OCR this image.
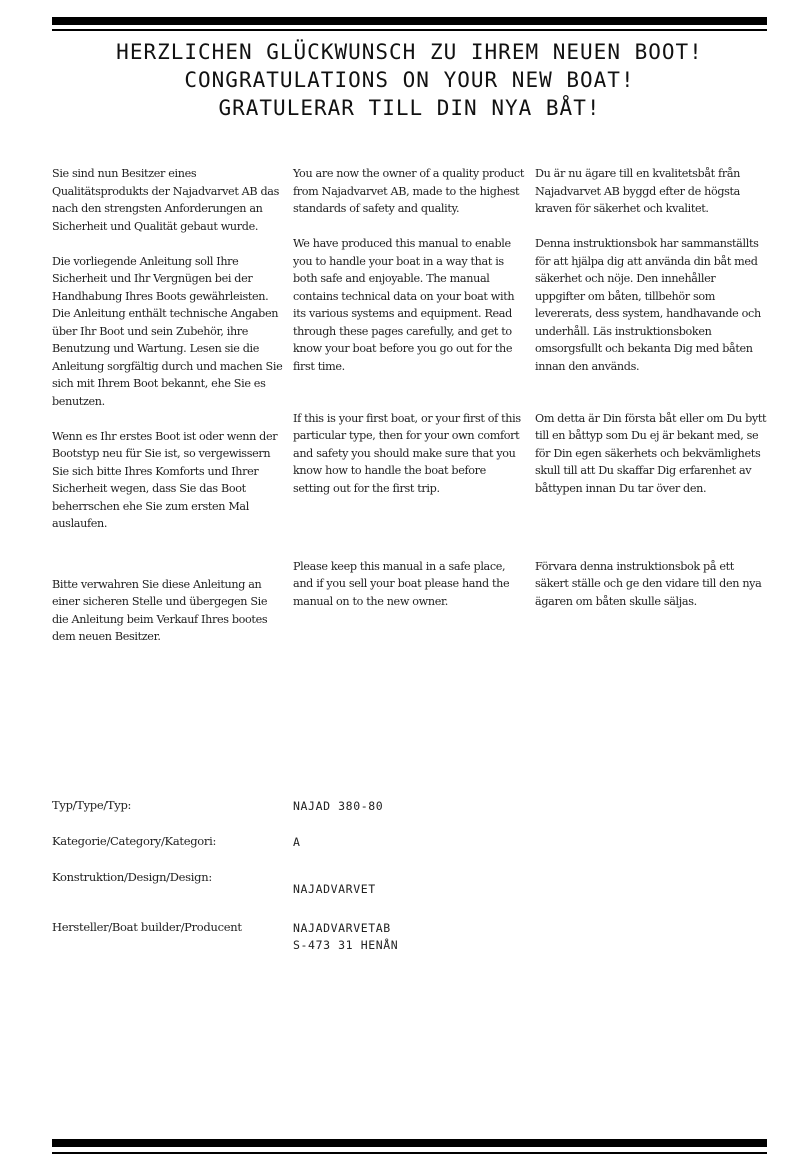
HERZLICHEN GLÜCKWUNSCH ZU IHREM NEUEN BOOT!
CONGRATULATIONS ON YOUR NEW BOAT!
GRATULERAR TILL DIN NYA BÅT!

Sie sind nun Besitzer eines Qualitätsprodukts der Najadvarvet AB das nach den strengsten Anforderungen an Sicherheit und Qualität gebaut wurde.

Die vorliegende Anleitung soll Ihre Sicherheit und Ihr Vergnügen bei der Handhabung Ihres Boots gewährleisten. Die Anleitung enthält technische Angaben über Ihr Boot und sein Zubehör, ihre Benutzung und Wartung. Lesen sie die Anleitung sorgfältig durch und machen Sie sich mit Ihrem Boot bekannt, ehe Sie es benutzen.

Wenn es Ihr erstes Boot ist oder wenn der Bootstyp neu für Sie ist, so vergewissern Sie sich bitte Ihres Komforts und Ihrer Sicherheit wegen, dass Sie das Boot beherrschen ehe Sie zum ersten Mal auslaufen.

Bitte verwahren Sie diese Anleitung an einer sicheren Stelle und übergegen Sie die Anleitung beim Verkauf Ihres bootes dem neuen Besitzer.

You are now the owner of a quality product from Najadvarvet AB, made to the highest standards of safety and quality.

We have produced this manual to enable you to handle your boat in a way that is both safe and enjoyable. The manual contains technical data on your boat with its various systems and equipment. Read through these pages carefully, and get to know your boat before you go out for the first time.

If this is your first boat, or your first of this particular type, then for your own comfort and safety you should make sure that you know how to handle the boat before setting out for the first trip.

Please keep this manual in a safe place, and if you sell your boat please hand the manual on to the new owner.

Du är nu ägare till en kvalitetsbåt från Najadvarvet AB byggd efter de högsta kraven för säkerhet och kvalitet.

Denna instruktionsbok har sammanställts för att hjälpa dig att använda din båt med säkerhet och nöje. Den innehåller uppgifter om båten, tillbehör som levererats, dess system, handhavande och underhåll. Läs instruktionsboken omsorgsfullt och bekanta Dig med båten innan den används.

Om detta är Din första båt eller om Du bytt till en båttyp som Du ej är bekant med, se för Din egen säkerhets och bekvämlighets skull till att Du skaffar Dig erfarenhet av båttypen innan Du tar över den.

Förvara denna instruktionsbok på ett säkert ställe och ge den vidare till den nya ägaren om båten skulle säljas.

Typ/Type/Typ:	NAJAD 380-80
Kategorie/Category/Kategori:	A
Konstruktion/Design/Design:
NAJADVARVET
Hersteller/Boat builder/Producent	NAJADVARVETAB
S-473 31 HENÅN
